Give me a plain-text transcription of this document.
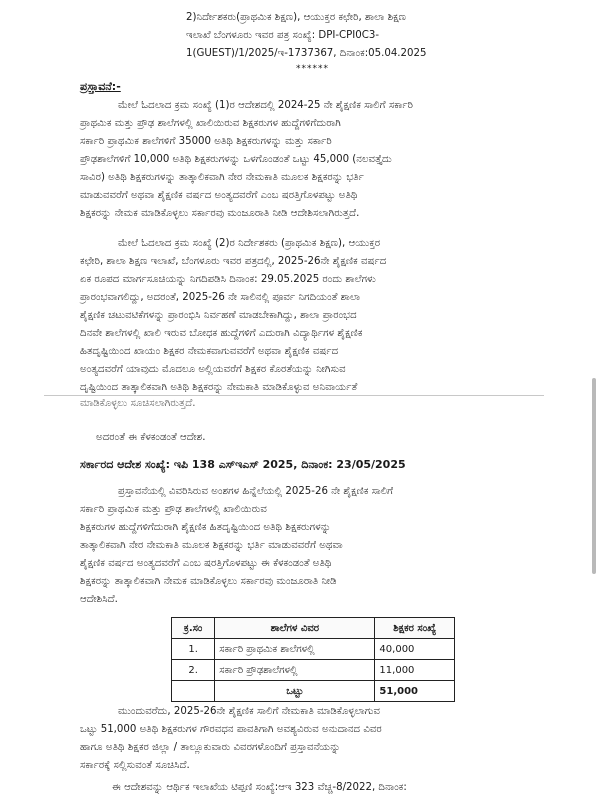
2)ನಿರ್ದೇಶಕರು(ಪ್ರಾಥಮಿಕ ಶಿಕ್ಷಣ), ಆಯುಕ್ತರ ಕಛೇರಿ, ಶಾಲಾ ಶಿಕ್ಷಣ
ಇಲಾಖೆ ಬೆಂಗಳೂರು ಇವರ ಪತ್ರ ಸಂಖ್ಯೆ: DPI-CPI0C3-
1(GUEST)/1/2025/ಇ-1737367, ದಿನಾಂಕ:05.04.2025
******
ಪ್ರಸ್ತಾವನೆ:-
ಮೇಲೆ ಓದಲಾದ ಕ್ರಮ ಸಂಖ್ಯೆ (1)ರ ಆದೇಶದಲ್ಲಿ 2024-25 ನೇ ಶೈಕ್ಷಣಿಕ ಸಾಲಿಗೆ ಸರ್ಕಾರಿ
ಪ್ರಾಥಮಿಕ ಮತ್ತು ಪ್ರೌಢ ಶಾಲೆಗಳಲ್ಲಿ ಖಾಲಿಯಿರುವ ಶಿಕ್ಷಕರುಗಳ ಹುದ್ದೆಗಳಿಗೆದುರಾಗಿ
ಸರ್ಕಾರಿ ಪ್ರಾಥಮಿಕ ಶಾಲೆಗಳಿಗೆ 35000 ಅತಿಥಿ ಶಿಕ್ಷಕರುಗಳನ್ನು ಮತ್ತು ಸರ್ಕಾರಿ
ಪ್ರೌಢಶಾಲೆಗಳಿಗೆ 10,000 ಅತಿಥಿ ಶಿಕ್ಷಕರುಗಳನ್ನು ಒಳಗೊಂಡಂತೆ ಒಟ್ಟು 45,000 (ನಲವತ್ತೈದು
ಸಾವಿರ) ಅತಿಥಿ ಶಿಕ್ಷಕರುಗಳನ್ನು ತಾತ್ಕಾಲಿಕವಾಗಿ ನೇರ ನೇಮಕಾತಿ ಮೂಲಕ ಶಿಕ್ಷಕರನ್ನು ಭರ್ತಿ
ಮಾಡುವವರೆಗೆ ಅಥವಾ ಶೈಕ್ಷಣಿಕ ವರ್ಷದ ಅಂತ್ಯದವರೆಗೆ ಎಂಬ ಷರತ್ತಿಗೊಳಪಟ್ಟು ಅತಿಥಿ
ಶಿಕ್ಷಕರನ್ನು ನೇಮಕ ಮಾಡಿಕೊಳ್ಳಲು ಸರ್ಕಾರವು ಮಂಜೂರಾತಿ ನೀಡಿ ಆದೇಶಿಸಲಾಗಿರುತ್ತದೆ.
ಮೇಲೆ ಓದಲಾದ ಕ್ರಮ ಸಂಖ್ಯೆ (2)ರ ನಿರ್ದೇಶಕರು (ಪ್ರಾಥಮಿಕ ಶಿಕ್ಷಣ), ಆಯುಕ್ತರ
ಕಛೇರಿ, ಶಾಲಾ ಶಿಕ್ಷಣ ಇಲಾಖೆ, ಬೆಂಗಳೂರು ಇವರ ಪತ್ರದಲ್ಲಿ, 2025-26ನೇ ಶೈಕ್ಷಣಿಕ ವರ್ಷದ
ಏಕ ರೂಪದ ಮಾರ್ಗಸೂಚಿಯನ್ನು ನಿಗದಿಪಡಿಸಿ ದಿನಾಂಕ: 29.05.2025 ರಂದು ಶಾಲೆಗಳು
ಪ್ರಾರಂಭವಾಗಲಿದ್ದು, ಅದರಂತೆ, 2025-26 ನೇ ಸಾಲಿನಲ್ಲಿ ಪೂರ್ವ ನಿಗದಿಯಂತೆ ಶಾಲಾ
ಶೈಕ್ಷಣಿಕ ಚಟುವಟಿಕೆಗಳನ್ನು ಪ್ರಾರಂಭಿಸಿ ನಿರ್ವಹಣೆ ಮಾಡಬೇಕಾಗಿದ್ದು, ಶಾಲಾ ಪ್ರಾರಂಭದ
ದಿನವೇ ಶಾಲೆಗಳಲ್ಲಿ ಖಾಲಿ ಇರುವ ಬೋಧಕ ಹುದ್ದೆಗಳಿಗೆ ಎದುರಾಗಿ ವಿದ್ಯಾರ್ಥಿಗಳ ಶೈಕ್ಷಣಿಕ
ಹಿತದೃಷ್ಟಿಯಿಂದ ಖಾಯಂ ಶಿಕ್ಷಕರ ನೇಮಕವಾಗುವವರೆಗೆ ಅಥವಾ ಶೈಕ್ಷಣಿಕ ವರ್ಷದ
ಅಂತ್ಯದವರೆಗೆ ಯಾವುದು ಮೊದಲೂ ಅಲ್ಲಿಯವರೆಗೆ ಶಿಕ್ಷಕರ ಕೊರತೆಯನ್ನು ನೀಗಿಸುವ
ದೃಷ್ಟಿಯಿಂದ ತಾತ್ಕಾಲಿಕವಾಗಿ ಅತಿಥಿ ಶಿಕ್ಷಕರನ್ನು ನೇಮಕಾತಿ ಮಾಡಿಕೊಳ್ಳುವ ಅನಿವಾರ್ಯತೆ
ಮಾಡಿಕೊಳ್ಳಲು ಸೂಚಿಸಲಾಗಿರುತ್ತದೆ.
ಅದರಂತೆ ಈ ಕೆಳಕಂಡಂತೆ ಆದೇಶ.
ಸರ್ಕಾರದ ಆದೇಶ ಸಂಖ್ಯೆ: ಇಪಿ 138 ಎಸ್‌ಇಎಸ್ 2025, ದಿನಾಂಕ: 23/05/2025
ಪ್ರಸ್ತಾವನೆಯಲ್ಲಿ ವಿವರಿಸಿರುವ ಅಂಶಗಳ ಹಿನ್ನೆಲೆಯಲ್ಲಿ 2025-26 ನೇ ಶೈಕ್ಷಣಿಕ ಸಾಲಿಗೆ
ಸರ್ಕಾರಿ ಪ್ರಾಥಮಿಕ ಮತ್ತು ಪ್ರೌಢ ಶಾಲೆಗಳಲ್ಲಿ ಖಾಲಿಯಿರುವ
ಶಿಕ್ಷಕರುಗಳ ಹುದ್ದೆಗಳಿಗೆದುರಾಗಿ ಶೈಕ್ಷಣಿಕ ಹಿತದೃಷ್ಟಿಯಿಂದ ಅತಿಥಿ ಶಿಕ್ಷಕರುಗಳನ್ನು
ತಾತ್ಕಾಲಿಕವಾಗಿ ನೇರ ನೇಮಕಾತಿ ಮೂಲಕ ಶಿಕ್ಷಕರನ್ನು ಭರ್ತಿ ಮಾಡುವವರೆಗೆ ಅಥವಾ
ಶೈಕ್ಷಣಿಕ ವರ್ಷದ ಅಂತ್ಯದವರೆಗೆ ಎಂಬ ಷರತ್ತಿಗೊಳಪಟ್ಟು ಈ ಕೆಳಕಂಡಂತೆ ಅತಿಥಿ
ಶಿಕ್ಷಕರನ್ನು ತಾತ್ಕಾಲಿಕವಾಗಿ ನೇಮಕ ಮಾಡಿಕೊಳ್ಳಲು ಸರ್ಕಾರವು ಮಂಜೂರಾತಿ ನೀಡಿ
ಆದೇಶಿಸಿದೆ.
ಕ್ರ.ಸಂ	ಶಾಲೆಗಳ ವಿವರ	ಶಿಕ್ಷಕರ ಸಂಖ್ಯೆ
1.	ಸರ್ಕಾರಿ ಪ್ರಾಥಮಿಕ ಶಾಲೆಗಳಲ್ಲಿ	40,000
2.	ಸರ್ಕಾರಿ ಪ್ರೌಢಶಾಲೆಗಳಲ್ಲಿ	11,000
	ಒಟ್ಟು	51,000
ಮುಂದುವರೆದು, 2025-26ನೇ ಶೈಕ್ಷಣಿಕ ಸಾಲಿಗೆ ನೇಮಕಾತಿ ಮಾಡಿಕೊಳ್ಳಲಾಗುವ
ಒಟ್ಟು 51,000 ಅತಿಥಿ ಶಿಕ್ಷಕರುಗಳ ಗೌರವಧನ ಪಾವತಿಗಾಗಿ ಅವಶ್ಯವಿರುವ ಅನುದಾನದ ವಿವರ
ಹಾಗೂ ಅತಿಥಿ ಶಿಕ್ಷಕರ ಜಿಲ್ಲಾ / ತಾಲ್ಲೂಕುವಾರು ವಿವರಗಳೊಂದಿಗೆ ಪ್ರಸ್ತಾವನೆಯನ್ನು
ಸರ್ಕಾರಕ್ಕೆ ಸಲ್ಲಿಸುವಂತೆ ಸೂಚಿಸಿದೆ.
ಈ ಆದೇಶವನ್ನು ಆರ್ಥಿಕ ಇಲಾಖೆಯ ಟಿಪ್ಪಣಿ ಸಂಖ್ಯೆ:ಆಇ 323 ವೆಚ್ಚ-8/2022, ದಿನಾಂಕ:
